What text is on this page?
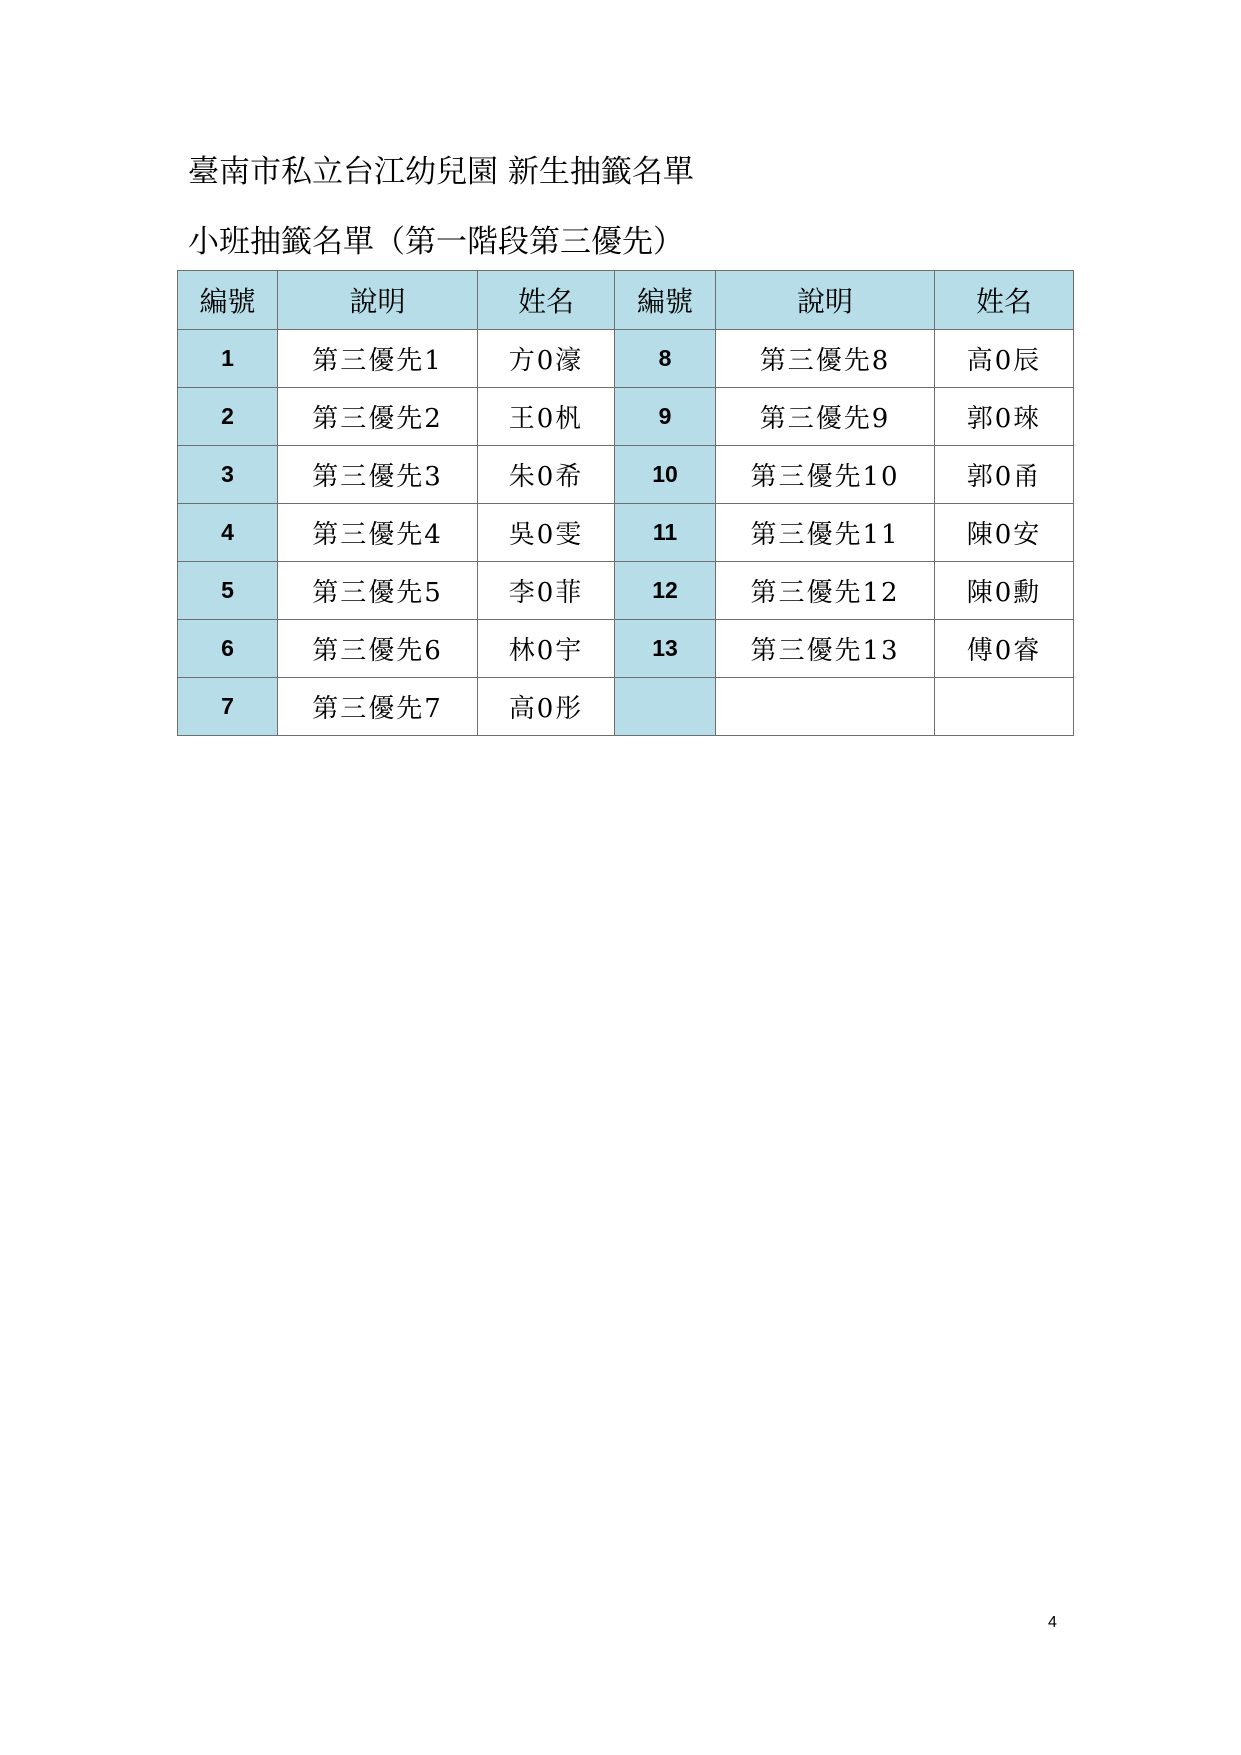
臺南市私立台江幼兒園 新生抽籤名單
小班抽籤名單（第一階段第三優先）
編號	說明	姓名	編號	說明	姓名
1	第三優先1	方0濠	8	第三優先8	高0辰
2	第三優先2	王0杋	9	第三優先9	郭0琜
3	第三優先3	朱0希	10	第三優先10	郭0甬
4	第三優先4	吳0雯	11	第三優先11	陳0安
5	第三優先5	李0菲	12	第三優先12	陳0勳
6	第三優先6	林0宇	13	第三優先13	傅0睿
7	第三優先7	高0彤			
4
